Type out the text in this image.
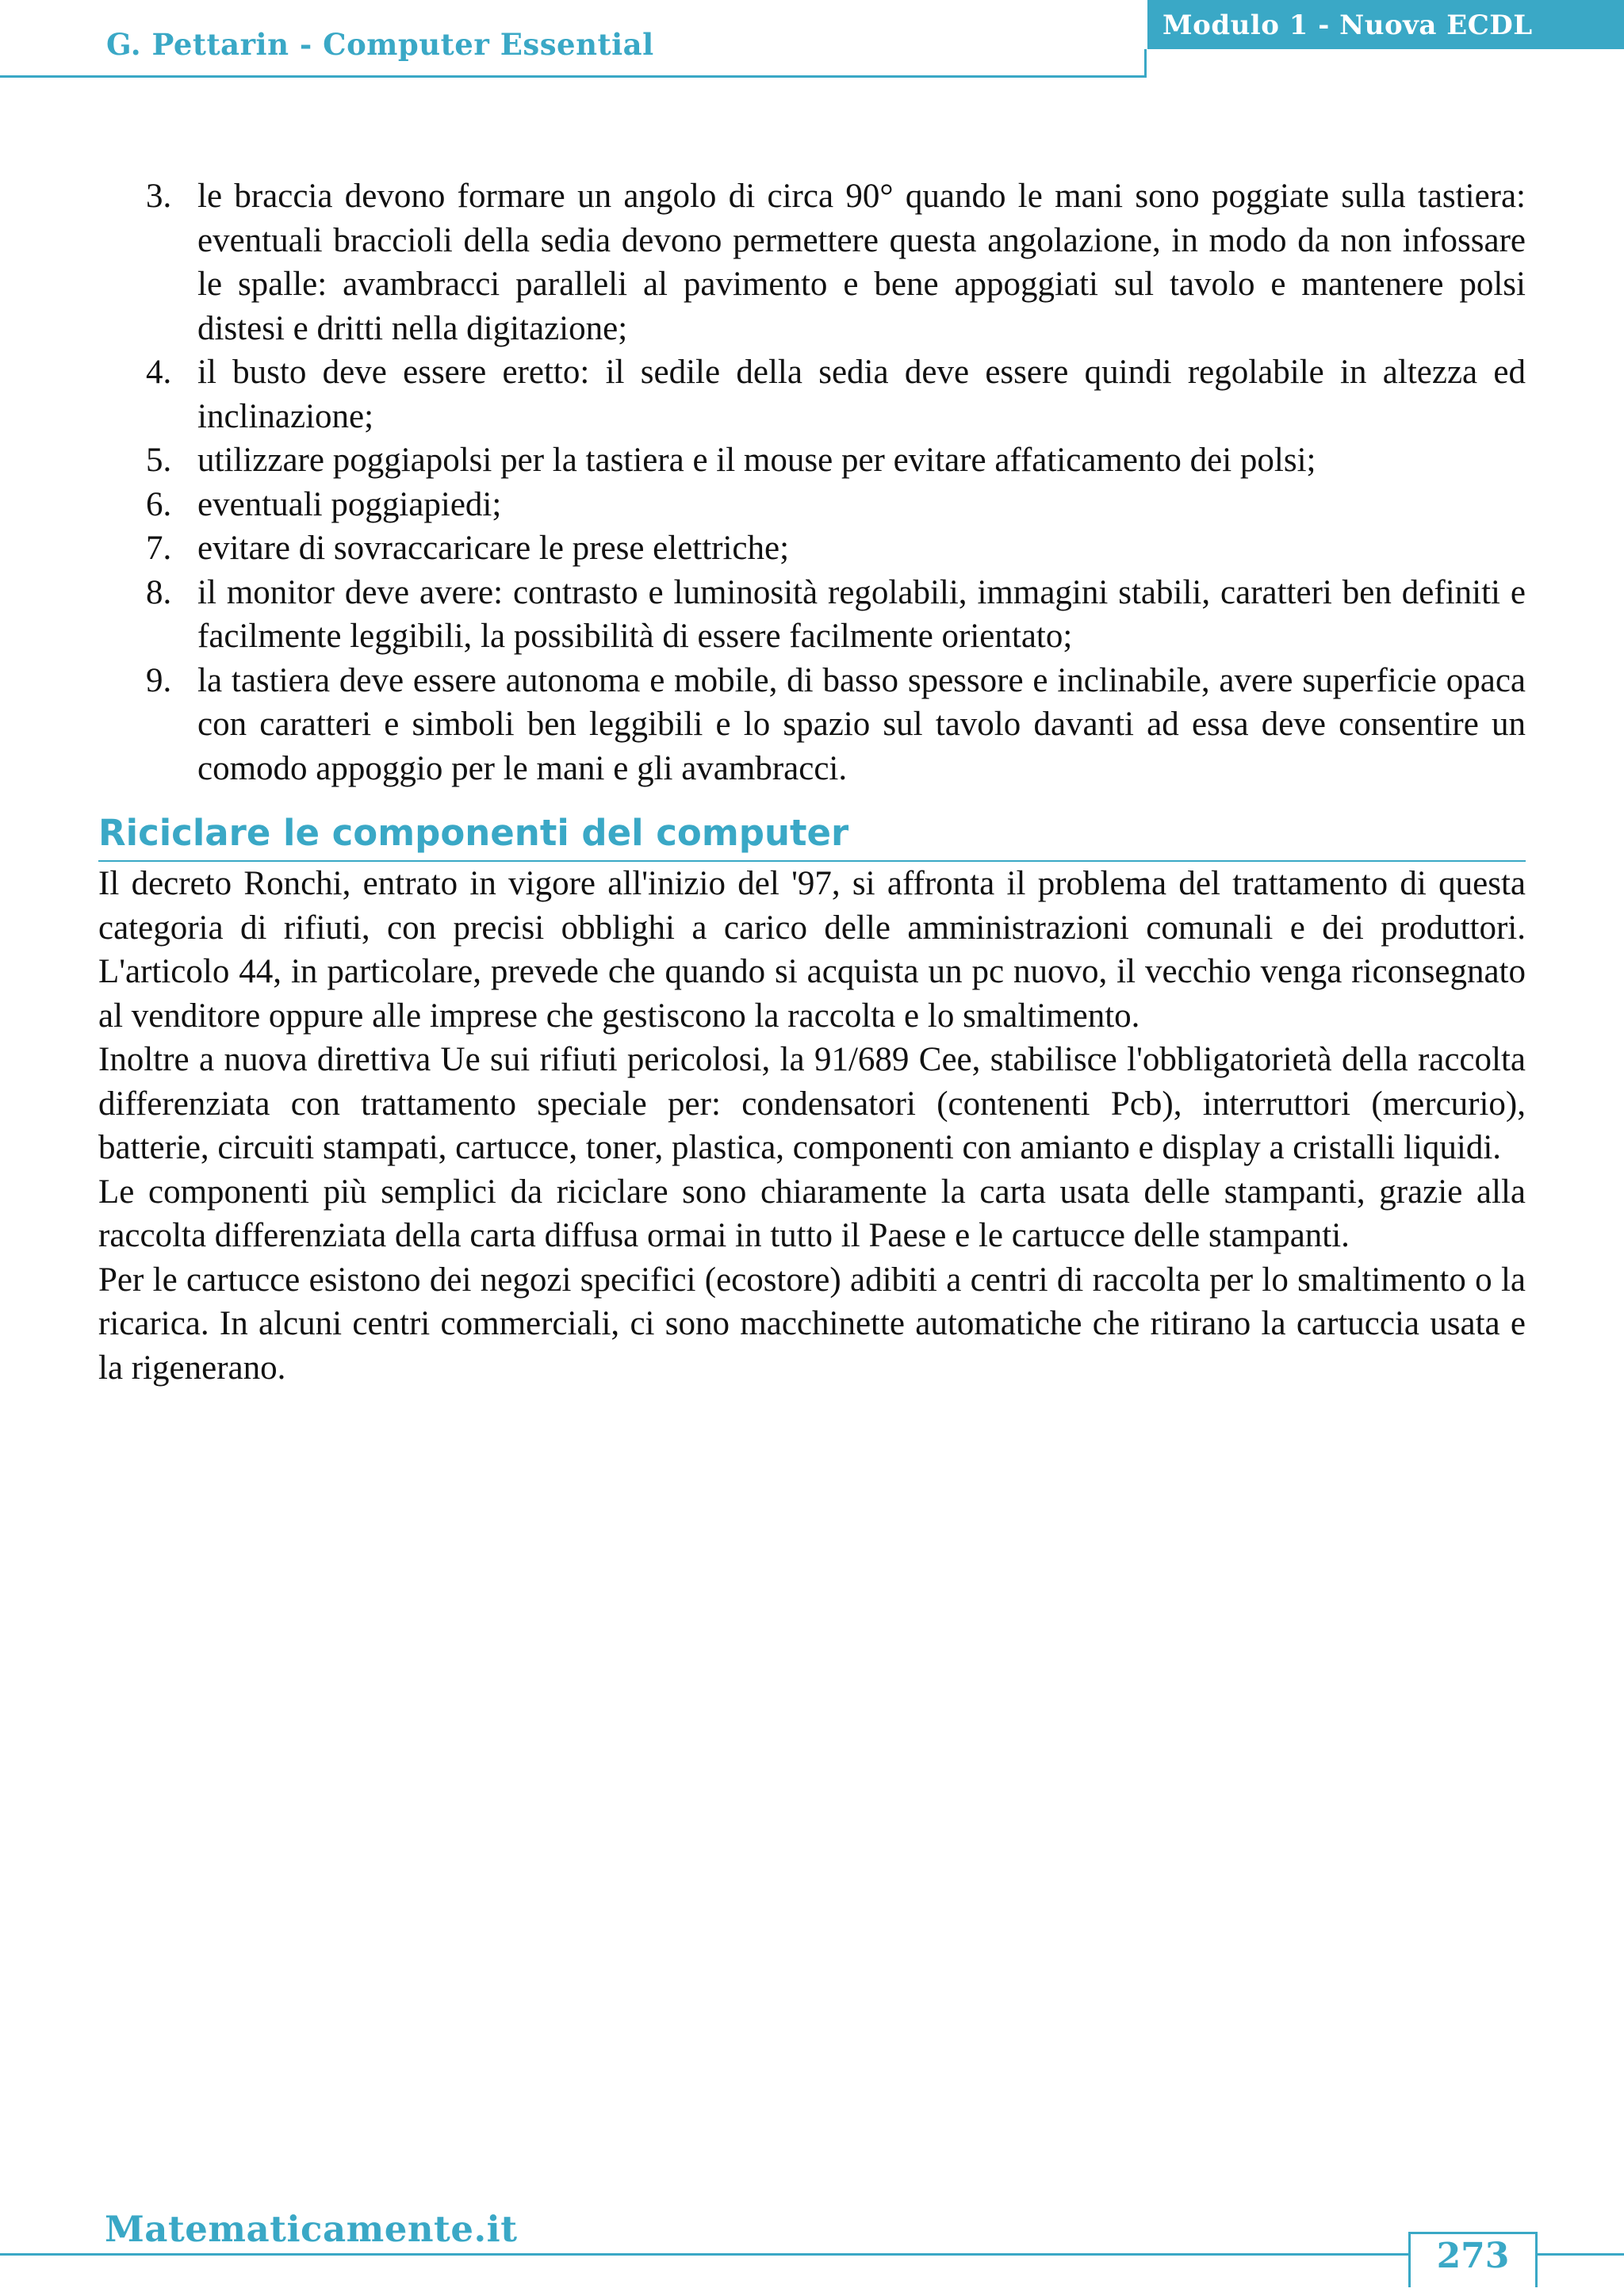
G. Pettarin - Computer Essential
Modulo 1 - Nuova ECDL
3. le braccia devono formare un angolo di circa 90° quando le mani sono poggiate sulla tastiera: eventuali braccioli della sedia devono permettere questa angolazione, in modo da non infossare le spalle: avambracci paralleli al pavimento e bene appoggiati sul tavolo e mantenere polsi distesi e dritti nella digitazione;
4. il busto deve essere eretto: il sedile della sedia deve essere quindi regolabile in altezza ed inclinazione;
5. utilizzare poggiapolsi per la tastiera e il mouse per evitare affaticamento dei polsi;
6. eventuali poggiapiedi;
7. evitare di sovraccaricare le prese elettriche;
8. il monitor deve avere: contrasto e luminosità regolabili, immagini stabili, caratteri ben definiti e facilmente leggibili, la possibilità di essere facilmente orientato;
9. la tastiera deve essere autonoma e mobile, di basso spessore e inclinabile, avere superficie opaca con caratteri e simboli ben leggibili e lo spazio sul tavolo davanti ad essa deve consentire un comodo appoggio per le mani e gli avambracci.
Riciclare le componenti del computer

Il decreto Ronchi, entrato in vigore all'inizio del '97, si affronta il problema del trattamento di questa categoria di rifiuti, con precisi obblighi a carico delle amministrazioni comunali e dei produttori. L'articolo 44, in particolare, prevede che quando si acquista un pc nuovo, il vecchio venga riconsegnato al venditore oppure alle imprese che gestiscono la raccolta e lo smaltimento.

Inoltre a nuova direttiva Ue sui rifiuti pericolosi, la 91/689 Cee, stabilisce l'obbligatorietà della raccolta differenziata con trattamento speciale per: condensatori (contenenti Pcb), interruttori (mercurio), batterie, circuiti stampati, cartucce, toner, plastica, componenti con amianto e display a cristalli liquidi.

Le componenti più semplici da riciclare sono chiaramente la carta usata delle stampanti, grazie alla raccolta differenziata della carta diffusa ormai in tutto il Paese e le cartucce delle stampanti.

Per le cartucce esistono dei negozi specifici (ecostore) adibiti a centri di raccolta per lo smaltimento o la ricarica. In alcuni centri commerciali, ci sono macchinette automatiche che ritirano la cartuccia usata e la rigenerano.

Matematicamente.it
273
